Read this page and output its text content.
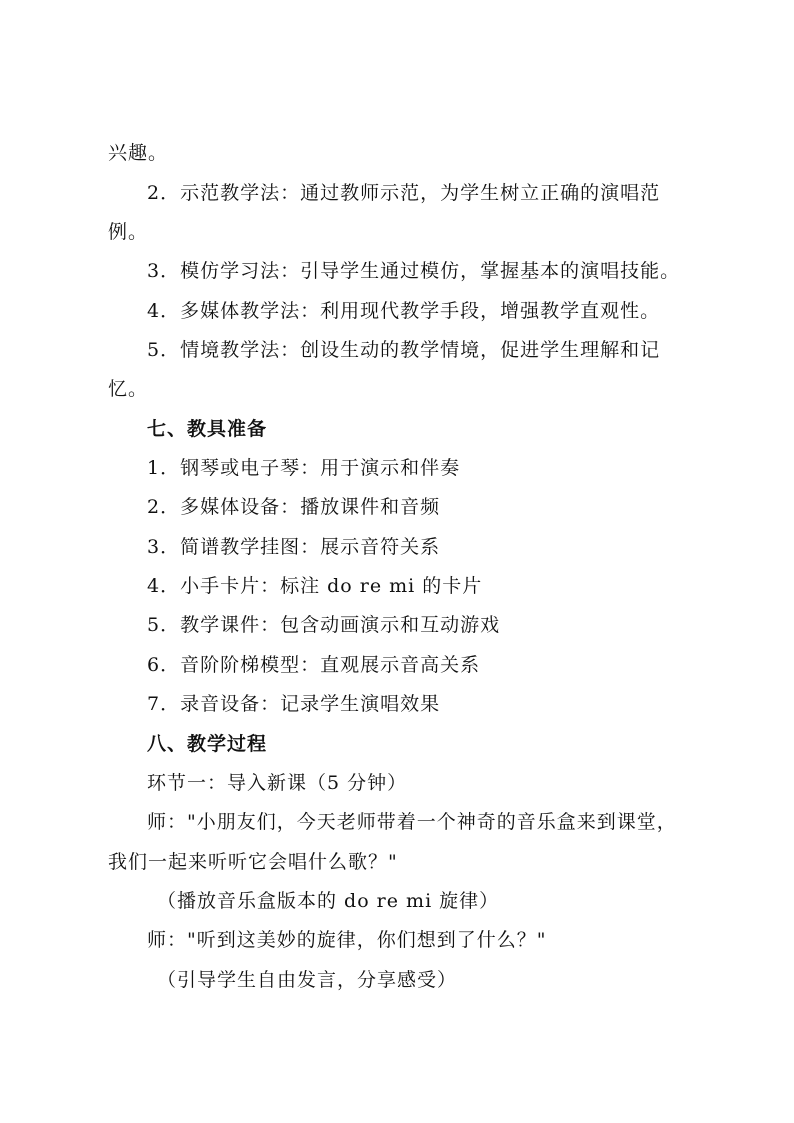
兴趣。
2．示范教学法：通过教师示范，为学生树立正确的演唱范
例。
3．模仿学习法：引导学生通过模仿，掌握基本的演唱技能。
4．多媒体教学法：利用现代教学手段，增强教学直观性。
5．情境教学法：创设生动的教学情境，促进学生理解和记
忆。
七、教具准备
1．钢琴或电子琴：用于演示和伴奏
2．多媒体设备：播放课件和音频
3．简谱教学挂图：展示音符关系
4．小手卡片：标注 do re mi 的卡片
5．教学课件：包含动画演示和互动游戏
6．音阶阶梯模型：直观展示音高关系
7．录音设备：记录学生演唱效果
八、教学过程
环节一：导入新课（5 分钟）
师："小朋友们，今天老师带着一个神奇的音乐盒来到课堂，
我们一起来听听它会唱什么歌？"
（播放音乐盒版本的 do re mi 旋律）
师："听到这美妙的旋律，你们想到了什么？"
（引导学生自由发言，分享感受）
